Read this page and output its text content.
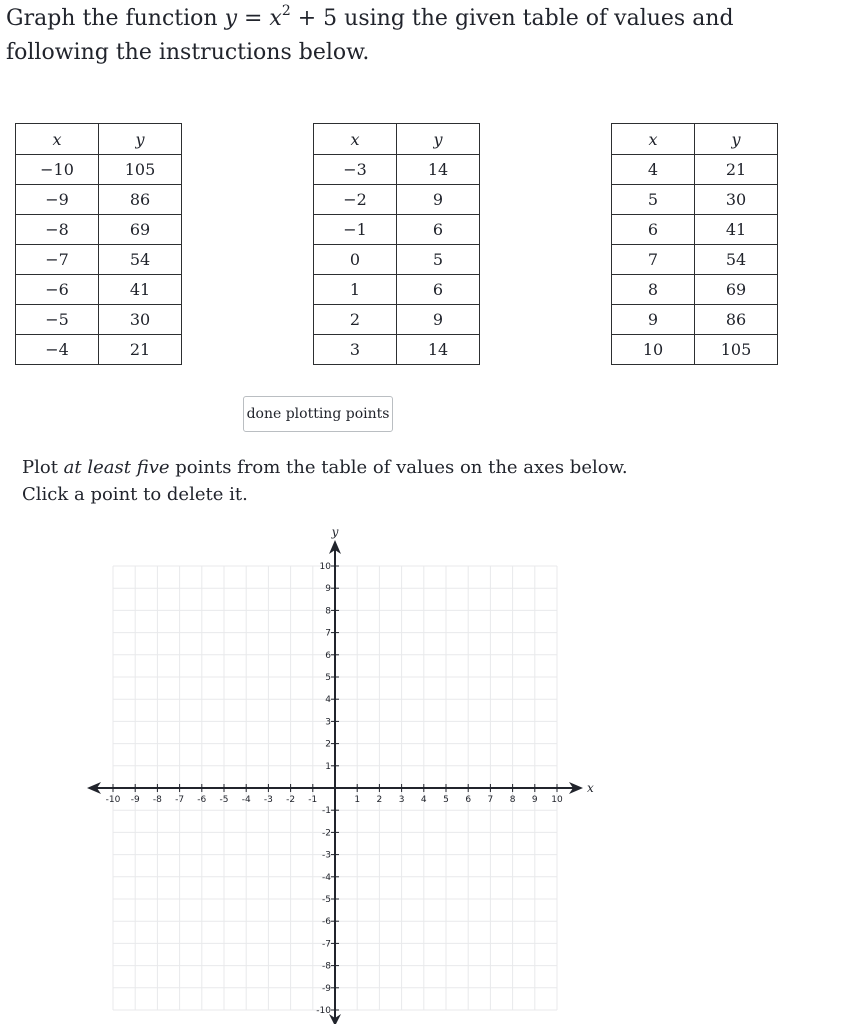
Graph the function $y = x^2 + 5$ using the given table of values and following the instructions below.

x	y
−10	105
−9	86
−8	69
−7	54
−6	41
−5	30
−4	21
x	y
−3	14
−2	9
−1	6
0	5
1	6
2	9
3	14
x	y
4	21
5	30
6	41
7	54
8	69
9	86
10	105
done plotting points

Plot at least five points from the table of values on the axes below. Click a point to delete it.

-10 -9 -8 -7 -6 -5 -4 -3 -2 -1	1 2 3 4 5 6 7 8 9 10
10
9
8
7
6
5
4
3
2
1
-1
-2
-3
-4
-5
-6
-7
-8
-9
-10
x
y
